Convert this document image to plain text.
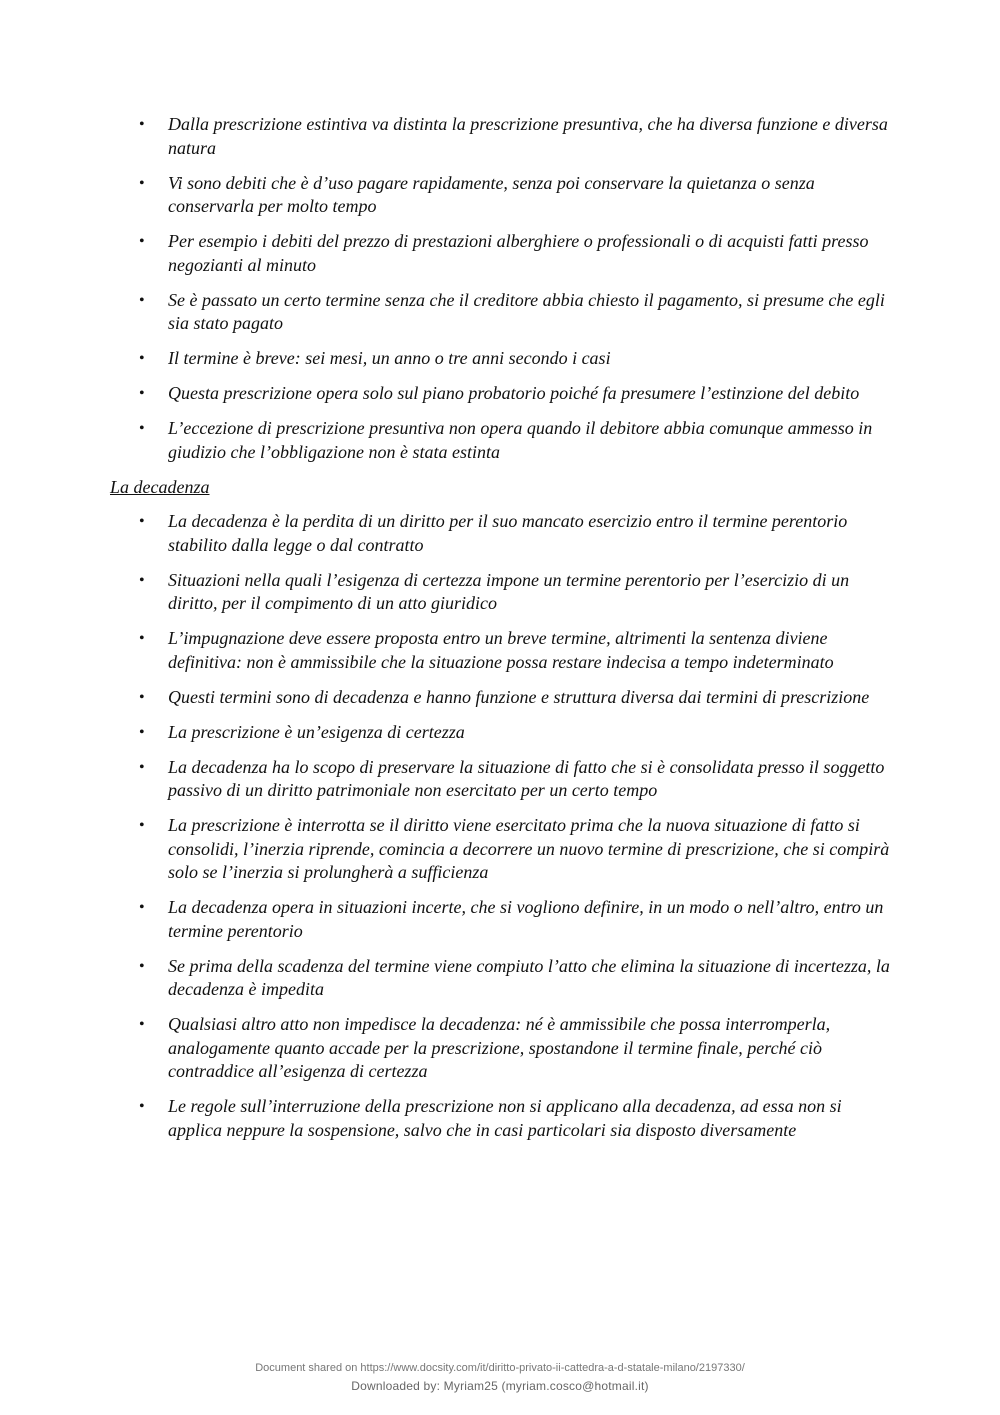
• Dalla prescrizione estintiva va distinta la prescrizione presuntiva, che ha diversa funzione e diversa natura
• Vi sono debiti che è d’uso pagare rapidamente, senza poi conservare la quietanza o senza conservarla per molto tempo
• Per esempio i debiti del prezzo di prestazioni alberghiere o professionali o di acquisti fatti presso negozianti al minuto
• Se è passato un certo termine senza che il creditore abbia chiesto il pagamento, si presume che egli sia stato pagato
• Il termine è breve: sei mesi, un anno o tre anni secondo i casi
• Questa prescrizione opera solo sul piano probatorio poiché fa presumere l’estinzione del debito
• L’eccezione di prescrizione presuntiva non opera quando il debitore abbia comunque ammesso in giudizio che l’obbligazione non è stata estinta
La decadenza
• La decadenza è la perdita di un diritto per il suo mancato esercizio entro il termine perentorio stabilito dalla legge o dal contratto
• Situazioni nella quali l’esigenza di certezza impone un termine perentorio per l’esercizio di un diritto, per il compimento di un atto giuridico
• L’impugnazione deve essere proposta entro un breve termine, altrimenti la sentenza diviene definitiva: non è ammissibile che la situazione possa restare indecisa a tempo indeterminato
• Questi termini sono di decadenza e hanno funzione e struttura diversa dai termini di prescrizione
• La prescrizione è un’esigenza di certezza
• La decadenza ha lo scopo di preservare la situazione di fatto che si è consolidata presso il soggetto passivo di un diritto patrimoniale non esercitato per un certo tempo
• La prescrizione è interrotta se il diritto viene esercitato prima che la nuova situazione di fatto si consolidi, l’inerzia riprende, comincia a decorrere un nuovo termine di prescrizione, che si compirà solo se l’inerzia si prolungherà a sufficienza
• La decadenza opera in situazioni incerte, che si vogliono definire, in un modo o nell’altro, entro un termine perentorio
• Se prima della scadenza del termine viene compiuto l’atto che elimina la situazione di incertezza, la decadenza è impedita
• Qualsiasi altro atto non impedisce la decadenza: né è ammissibile che possa interromperla, analogamente quanto accade per la prescrizione, spostandone il termine finale, perché ciò contraddice all’esigenza di certezza
• Le regole sull’interruzione della prescrizione non si applicano alla decadenza, ad essa non si applica neppure la sospensione, salvo che in casi particolari sia disposto diversamente
Document shared on https://www.docsity.com/it/diritto-privato-ii-cattedra-a-d-statale-milano/2197330/
Downloaded by: Myriam25 (myriam.cosco@hotmail.it)
